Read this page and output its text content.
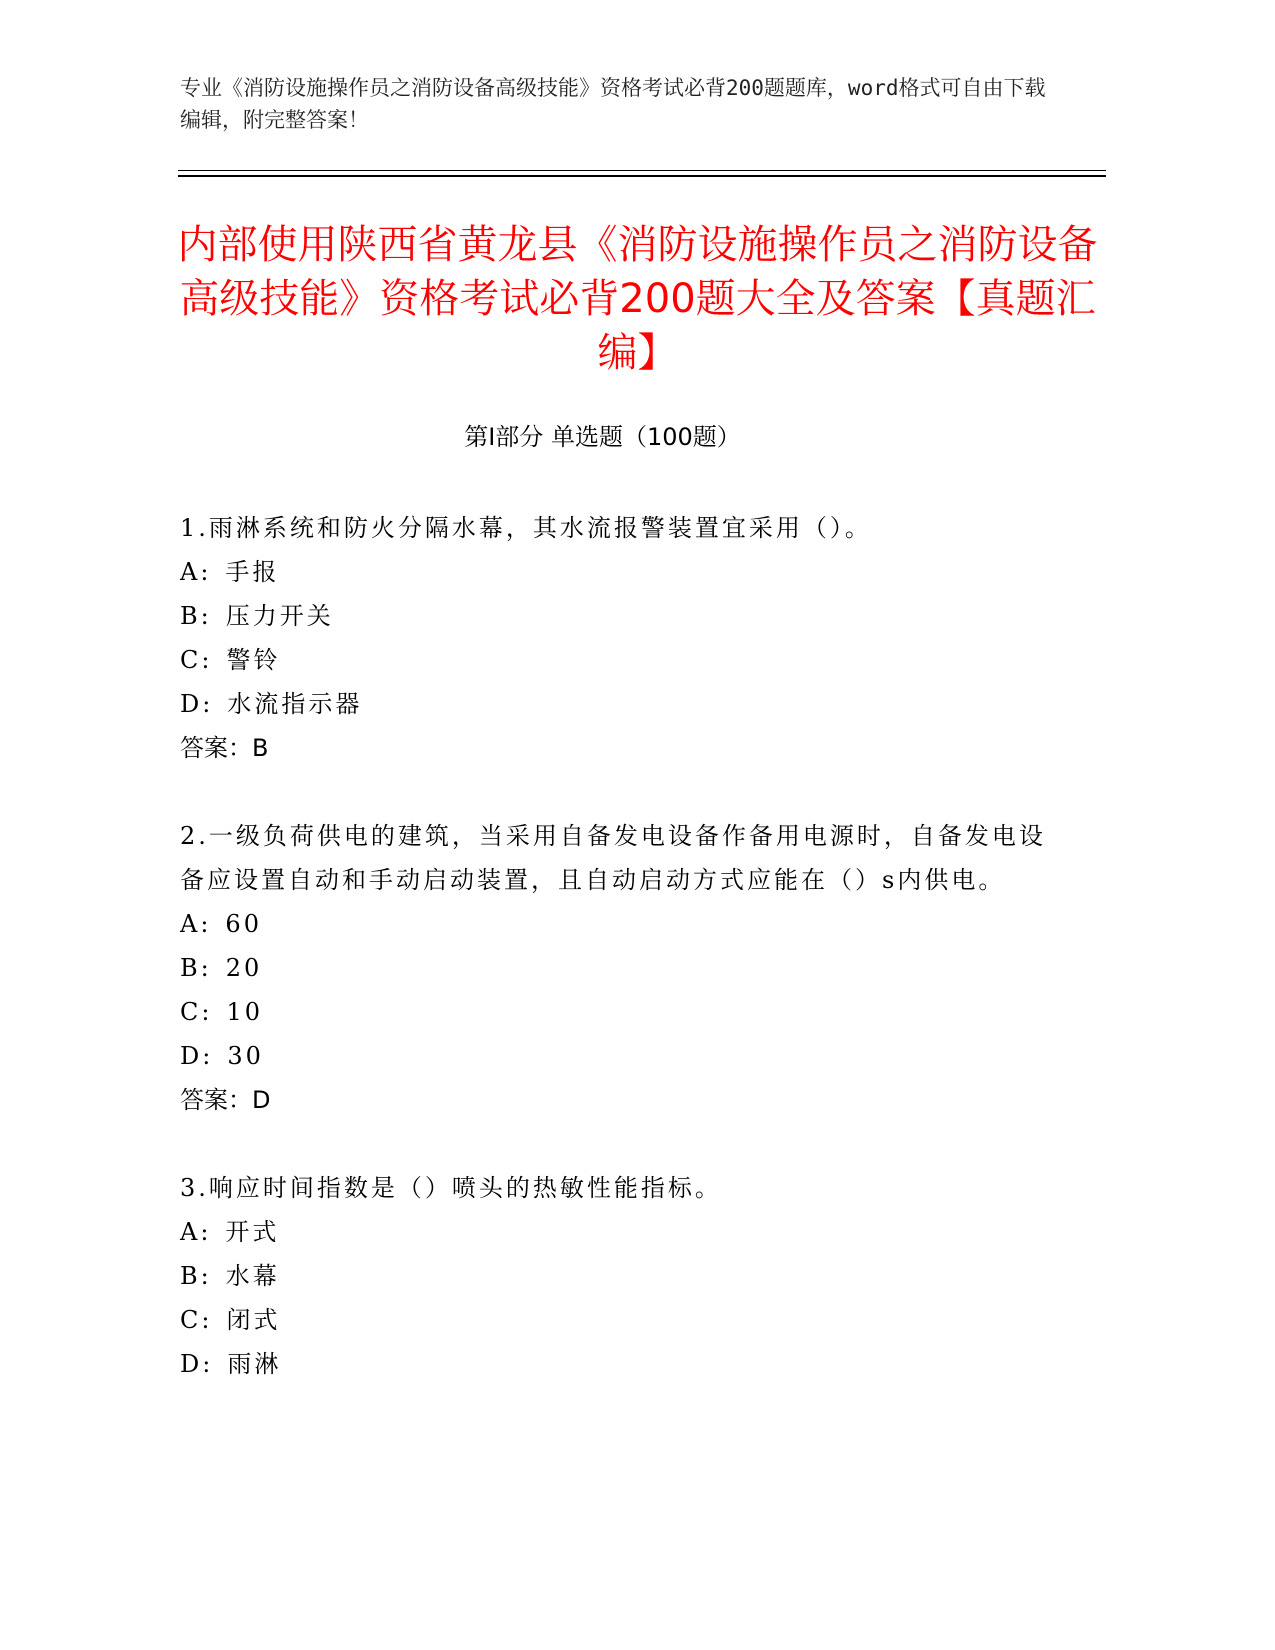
专业《消防设施操作员之消防设备高级技能》资格考试必背200题题库，word格式可自由下载编辑，附完整答案！
内部使用陕西省黄龙县《消防设施操作员之消防设备高级技能》资格考试必背200题大全及答案【真题汇编】
第Ⅰ部分 单选题（100题）
1.雨淋系统和防火分隔水幕，其水流报警装置宜采用（）。
A: 手报
B: 压力开关
C: 警铃
D: 水流指示器
答案：B
2.一级负荷供电的建筑，当采用自备发电设备作备用电源时，自备发电设备应设置自动和手动启动装置，且自动启动方式应能在（）s内供电。
A: 60
B: 20
C: 10
D: 30
答案：D
3.响应时间指数是（）喷头的热敏性能指标。
A: 开式
B: 水幕
C: 闭式
D: 雨淋
